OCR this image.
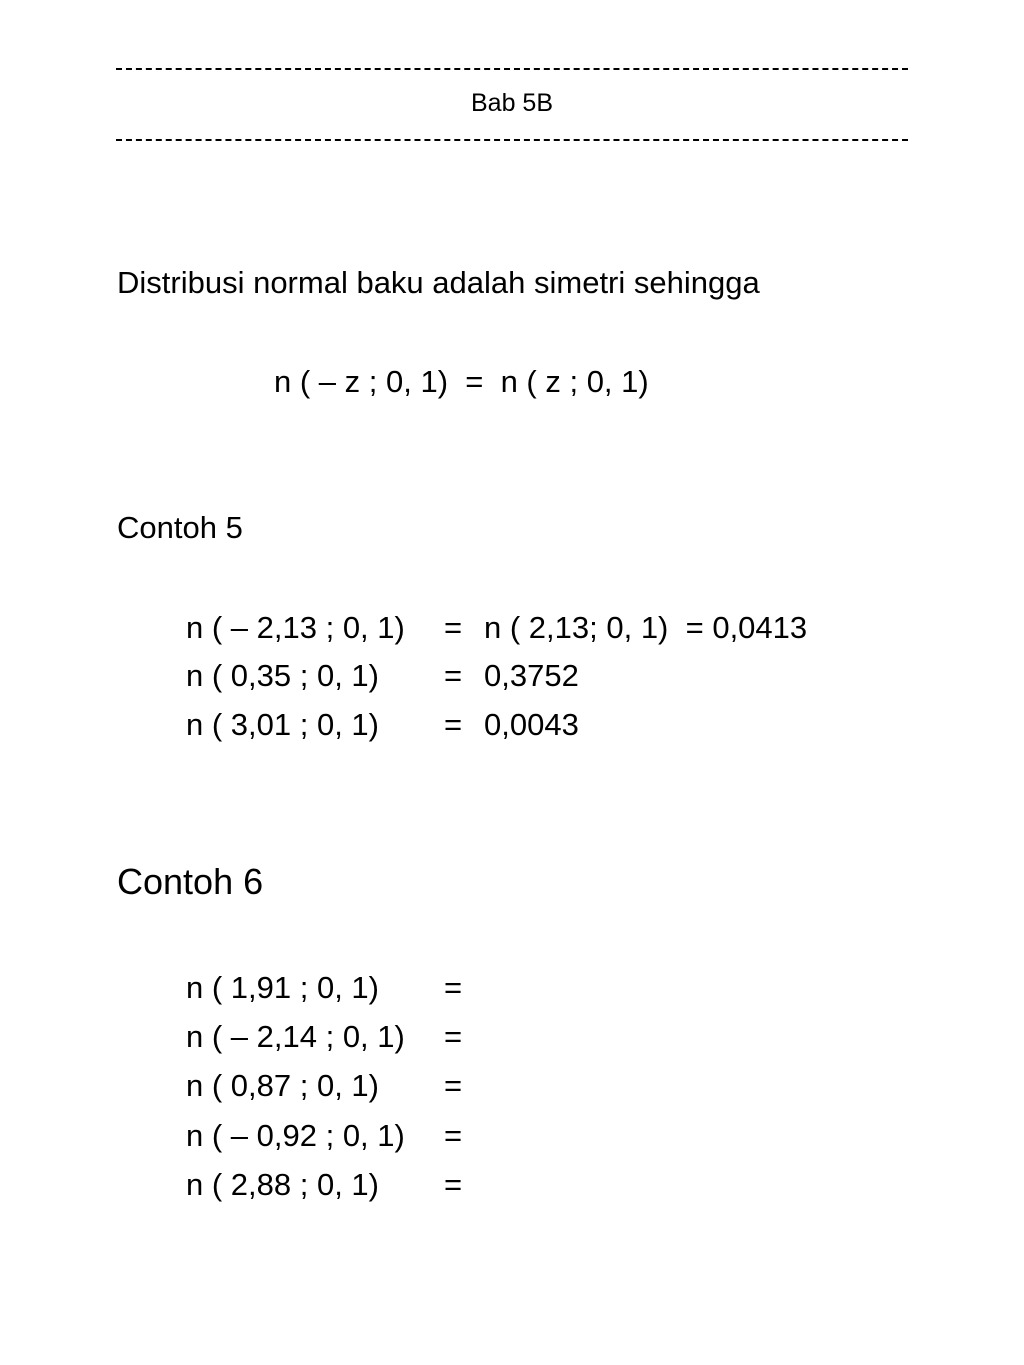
Bab 5B
Distribusi normal baku adalah simetri sehingga
n ( – z ; 0, 1)  =  n ( z ; 0, 1)
Contoh 5
n ( – 2,13 ; 0, 1) = n ( 2,13; 0, 1)  = 0,0413
n ( 0,35 ; 0, 1) = 0,3752
n ( 3,01 ; 0, 1) = 0,0043
Contoh 6
n ( 1,91 ; 0, 1) =
n ( – 2,14 ; 0, 1) =
n ( 0,87 ; 0, 1) =
n ( – 0,92 ; 0, 1) =
n ( 2,88 ; 0, 1) =
